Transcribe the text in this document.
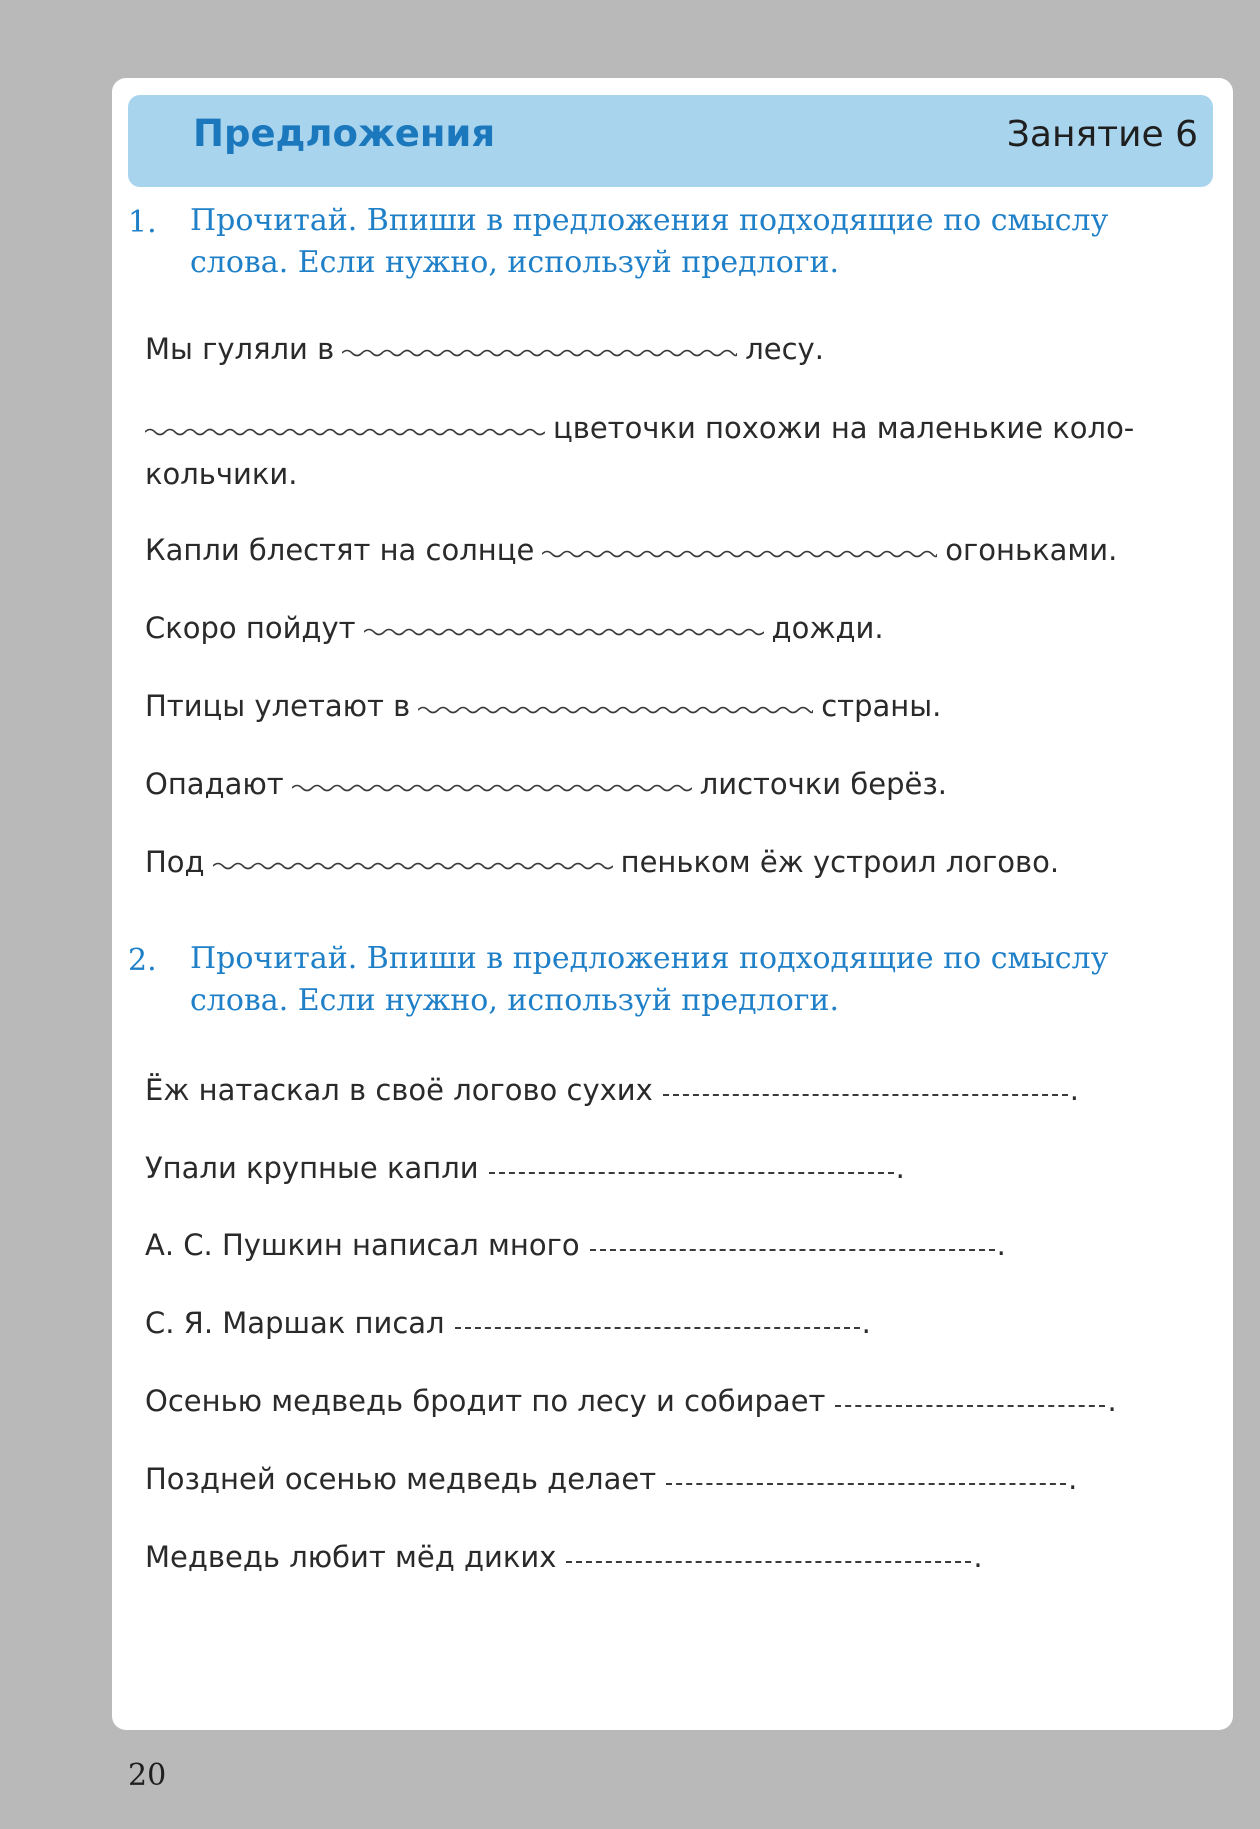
Предложения	Занятие 6
1. Прочитай. Впиши в предложения подходящие по смыслу
слова. Если нужно, используй предлоги.
Мы гуляли в	лесу.
цветочки похожи на маленькие коло-
кольчики.
Капли блестят на солнце	огоньками.
Скоро пойдут	дожди.
Птицы улетают в	страны.
Опадают	листочки берёз.
Под	пеньком ёж устроил логово.
2. Прочитай. Впиши в предложения подходящие по смыслу
слова. Если нужно, используй предлоги.
Ёж натаскал в своё логово сухих	.
Упали крупные капли	.
А. С. Пушкин написал много	.
С. Я. Маршак писал	.
Осенью медведь бродит по лесу и собирает	.
Поздней осенью медведь делает	.
Медведь любит мёд диких	.
20
